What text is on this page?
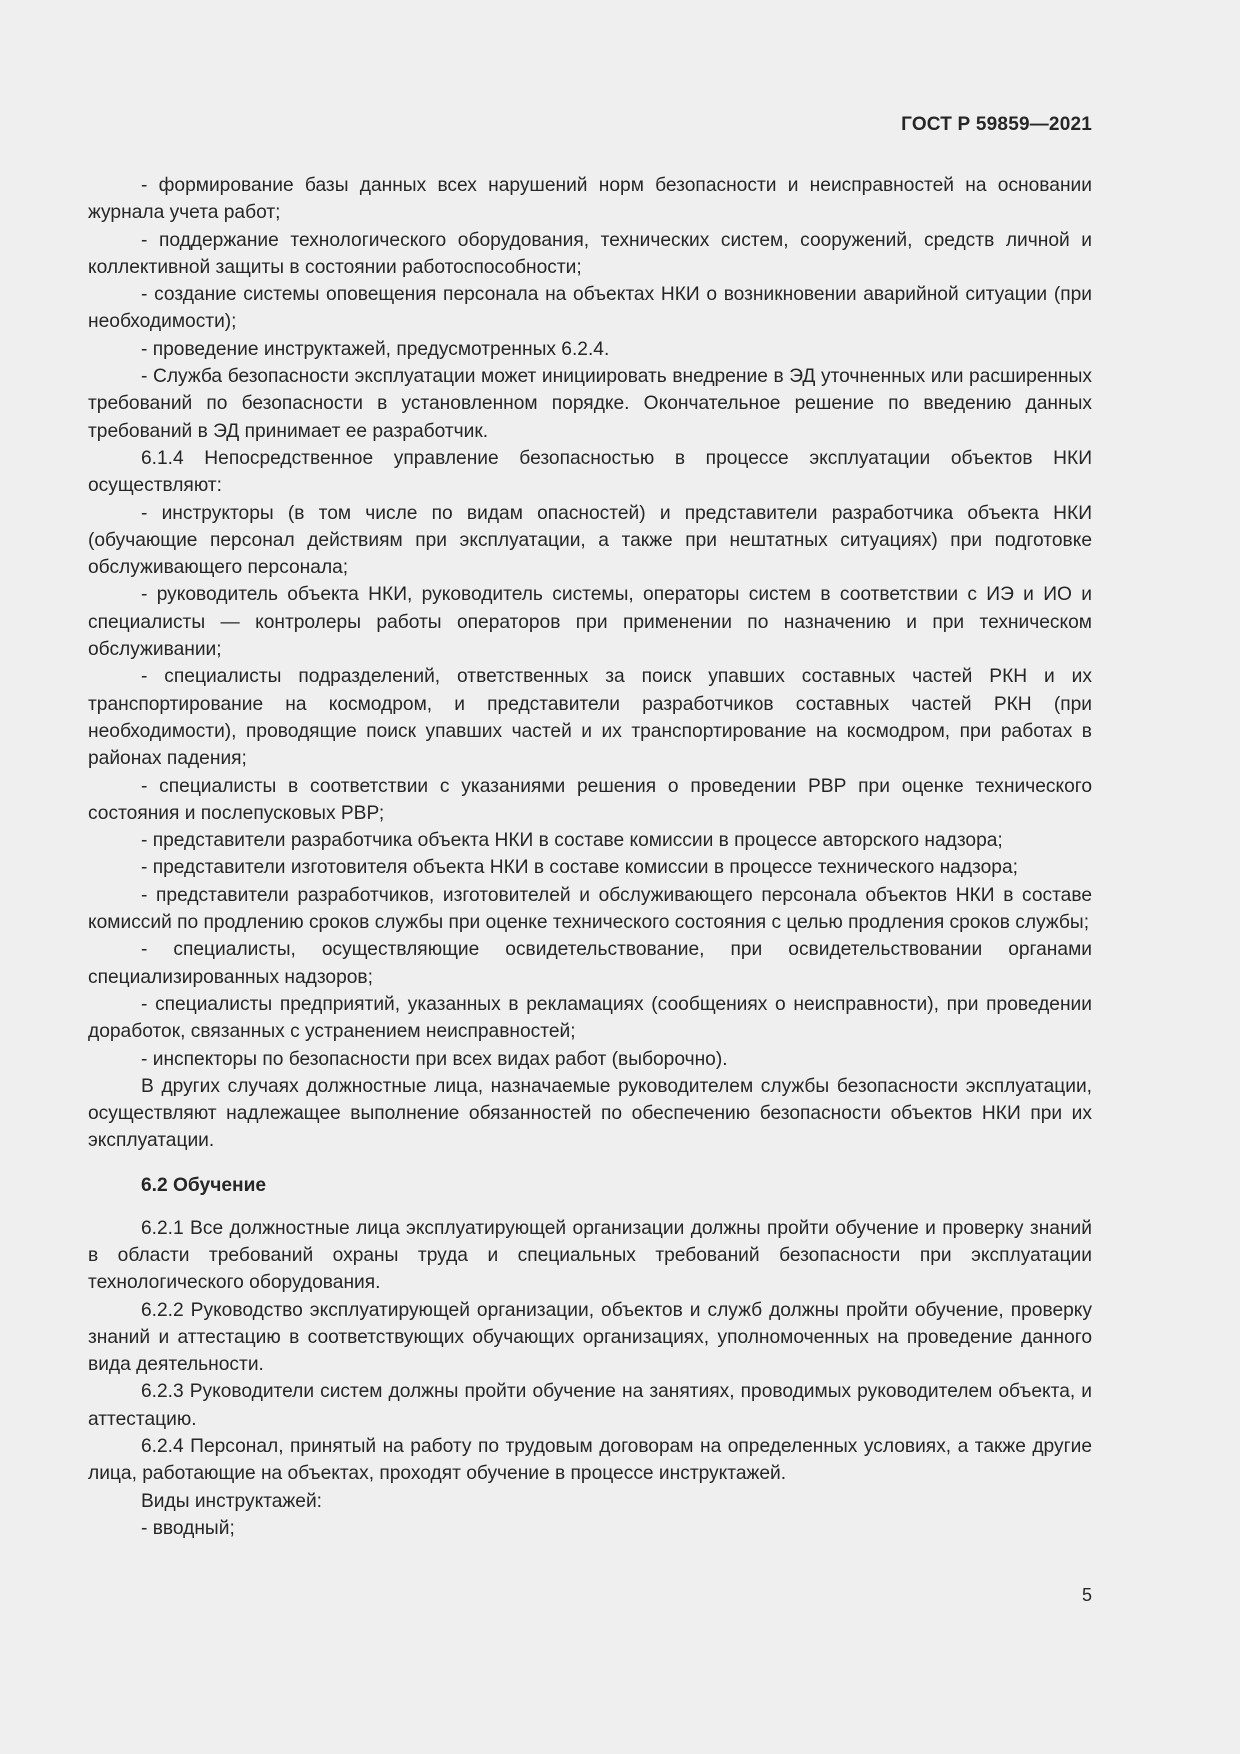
ГОСТ Р 59859—2021

- формирование базы данных всех нарушений норм безопасности и неисправностей на основании журнала учета работ;

- поддержание технологического оборудования, технических систем, сооружений, средств личной и коллективной защиты в состоянии работоспособности;

- создание системы оповещения персонала на объектах НКИ о возникновении аварийной ситуации (при необходимости);

- проведение инструктажей, предусмотренных 6.2.4.

- Служба безопасности эксплуатации может инициировать внедрение в ЭД уточненных или расширенных требований по безопасности в установленном порядке. Окончательное решение по введению данных требований в ЭД принимает ее разработчик.

6.1.4 Непосредственное управление безопасностью в процессе эксплуатации объектов НКИ осуществляют:

- инструкторы (в том числе по видам опасностей) и представители разработчика объекта НКИ (обучающие персонал действиям при эксплуатации, а также при нештатных ситуациях) при подготовке обслуживающего персонала;

- руководитель объекта НКИ, руководитель системы, операторы систем в соответствии с ИЭ и ИО и специалисты — контролеры работы операторов при применении по назначению и при техническом обслуживании;

- специалисты подразделений, ответственных за поиск упавших составных частей РКН и их транспортирование на космодром, и представители разработчиков составных частей РКН (при необходимости), проводящие поиск упавших частей и их транспортирование на космодром, при работах в районах падения;

- специалисты в соответствии с указаниями решения о проведении РВР при оценке технического состояния и послепусковых РВР;

- представители разработчика объекта НКИ в составе комиссии в процессе авторского надзора;

- представители изготовителя объекта НКИ в составе комиссии в процессе технического надзора;

- представители разработчиков, изготовителей и обслуживающего персонала объектов НКИ в составе комиссий по продлению сроков службы при оценке технического состояния с целью продления сроков службы;

- специалисты, осуществляющие освидетельствование, при освидетельствовании органами специализированных надзоров;

- специалисты предприятий, указанных в рекламациях (сообщениях о неисправности), при проведении доработок, связанных с устранением неисправностей;

- инспекторы по безопасности при всех видах работ (выборочно).

В других случаях должностные лица, назначаемые руководителем службы безопасности эксплуатации, осуществляют надлежащее выполнение обязанностей по обеспечению безопасности объектов НКИ при их эксплуатации.

6.2 Обучение

6.2.1 Все должностные лица эксплуатирующей организации должны пройти обучение и проверку знаний в области требований охраны труда и специальных требований безопасности при эксплуатации технологического оборудования.

6.2.2 Руководство эксплуатирующей организации, объектов и служб должны пройти обучение, проверку знаний и аттестацию в соответствующих обучающих организациях, уполномоченных на проведение данного вида деятельности.

6.2.3 Руководители систем должны пройти обучение на занятиях, проводимых руководителем объекта, и аттестацию.

6.2.4 Персонал, принятый на работу по трудовым договорам на определенных условиях, а также другие лица, работающие на объектах, проходят обучение в процессе инструктажей.

Виды инструктажей:

- вводный;

5
